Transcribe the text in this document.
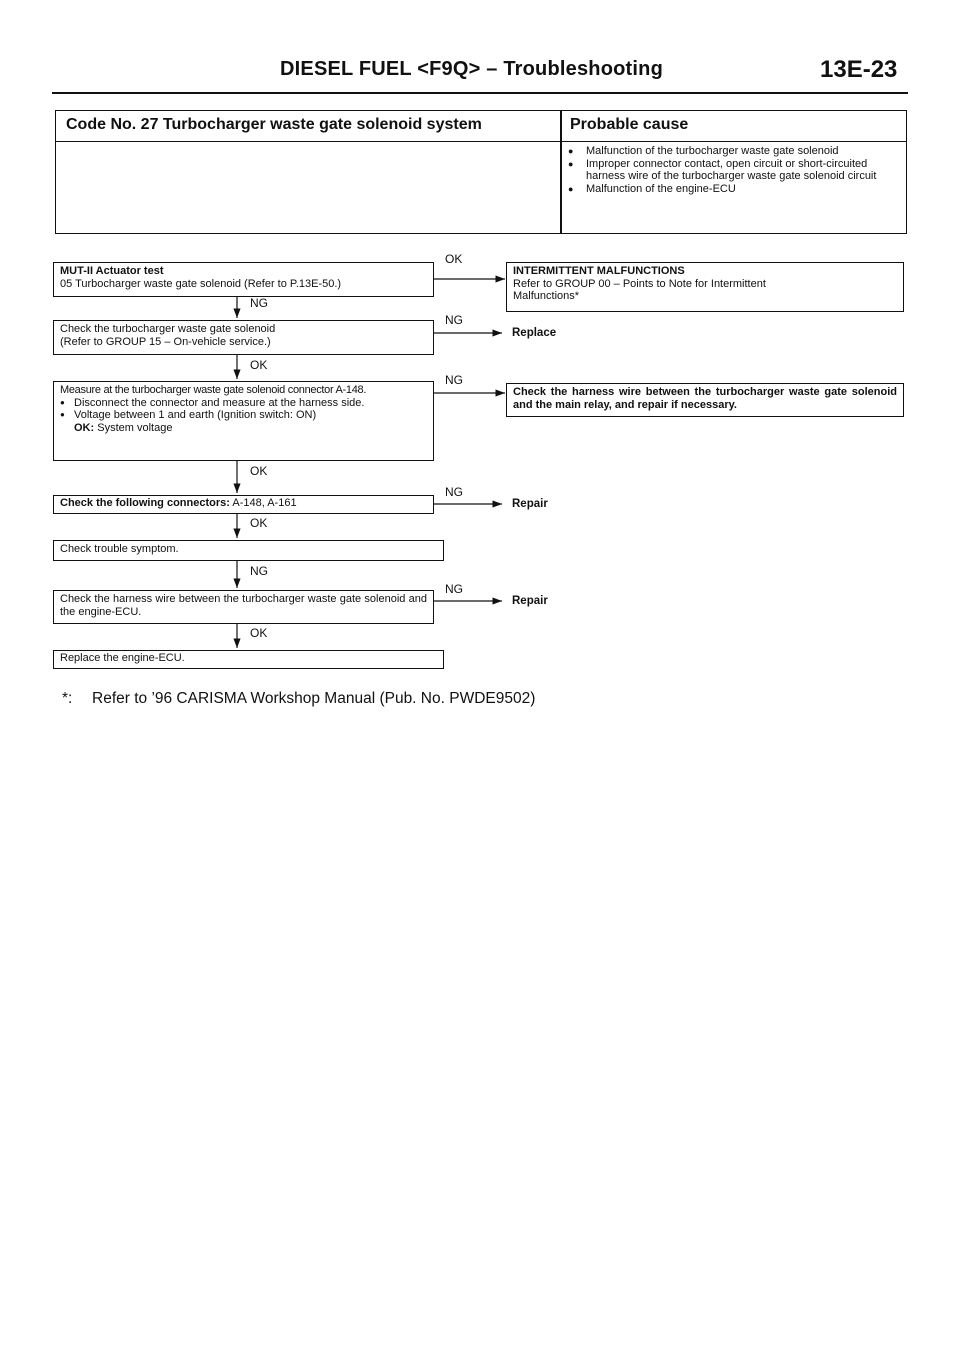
DIESEL FUEL <F9Q> – Troubleshooting	13E-23
Code No. 27 Turbocharger waste gate solenoid system	Probable cause
● Malfunction of the turbocharger waste gate solenoid
● Improper connector contact, open circuit or short-circuited harness wire of the turbocharger waste gate solenoid circuit
● Malfunction of the engine-ECU
MUT-II Actuator test
05 Turbocharger waste gate solenoid (Refer to P.13E-50.)
Check the turbocharger waste gate solenoid
(Refer to GROUP 15 – On-vehicle service.)
Measure at the turbocharger waste gate solenoid connector A-148.
● Disconnect the connector and measure at the harness side.
● Voltage between 1 and earth (Ignition switch: ON)
OK: System voltage
Check the following connectors: A-148, A-161
Check trouble symptom.
Check the harness wire between the turbocharger waste gate solenoid and the engine-ECU.
Replace the engine-ECU.
INTERMITTENT MALFUNCTIONS
Refer to GROUP 00 – Points to Note for Intermittent
Malfunctions*
Check the harness wire between the turbocharger waste gate solenoid and the main relay, and repair if necessary.
Replace
Repair
Repair
OK
NG
NG
OK
NG
OK
NG
OK
NG
NG
OK
*: Refer to ’96 CARISMA Workshop Manual (Pub. No. PWDE9502)
